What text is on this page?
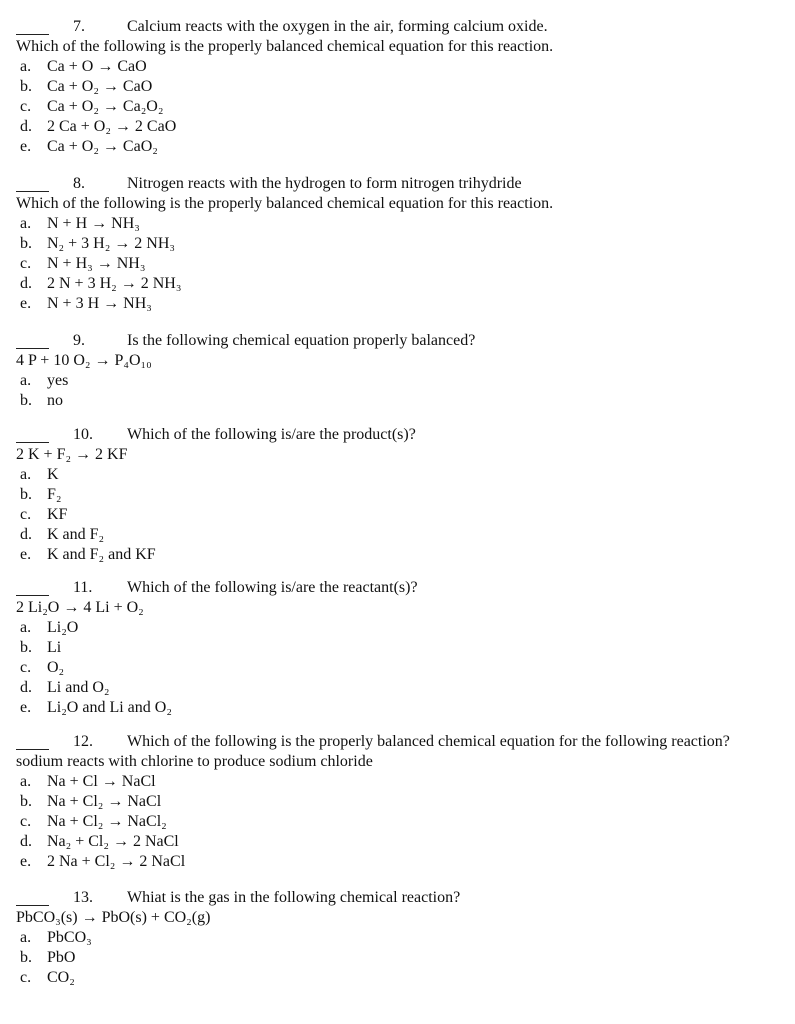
7.	Calcium reacts with the oxygen in the air, forming calcium oxide.
Which of the following is the properly balanced chemical equation for this reaction.
a. Ca + O → CaO
b. Ca + O₂ → CaO
c. Ca + O₂ → Ca₂O₂
d. 2 Ca + O₂ → 2 CaO
e. Ca + O₂ → CaO₂
8.	Nitrogen reacts with the hydrogen to form nitrogen trihydride
Which of the following is the properly balanced chemical equation for this reaction.
a. N + H → NH₃
b. N₂ + 3 H₂ → 2 NH₃
c. N + H₃ → NH₃
d. 2 N + 3 H₂ → 2 NH₃
e. N + 3 H → NH₃
9.	Is the following chemical equation properly balanced?
4 P + 10 O₂ → P₄O₁₀
a. yes
b. no
10. Which of the following is/are the product(s)?
2 K + F₂ → 2 KF
a. K
b. F₂
c. KF
d. K and F₂
e. K and F₂ and KF
11. Which of the following is/are the reactant(s)?
2 Li₂O → 4 Li + O₂
a. Li₂O
b. Li
c. O₂
d. Li and O₂
e. Li₂O and Li and O₂
12. Which of the following is the properly balanced chemical equation for the following reaction?
sodium reacts with chlorine to produce sodium chloride
a. Na + Cl → NaCl
b. Na + Cl₂ → NaCl
c. Na + Cl₂ → NaCl₂
d. Na₂ + Cl₂ → 2 NaCl
e. 2 Na + Cl₂ → 2 NaCl
13. Whiat is the gas in the following chemical reaction?
PbCO₃(s) → PbO(s) + CO₂(g)
a. PbCO₃
b. PbO
c. CO₂
